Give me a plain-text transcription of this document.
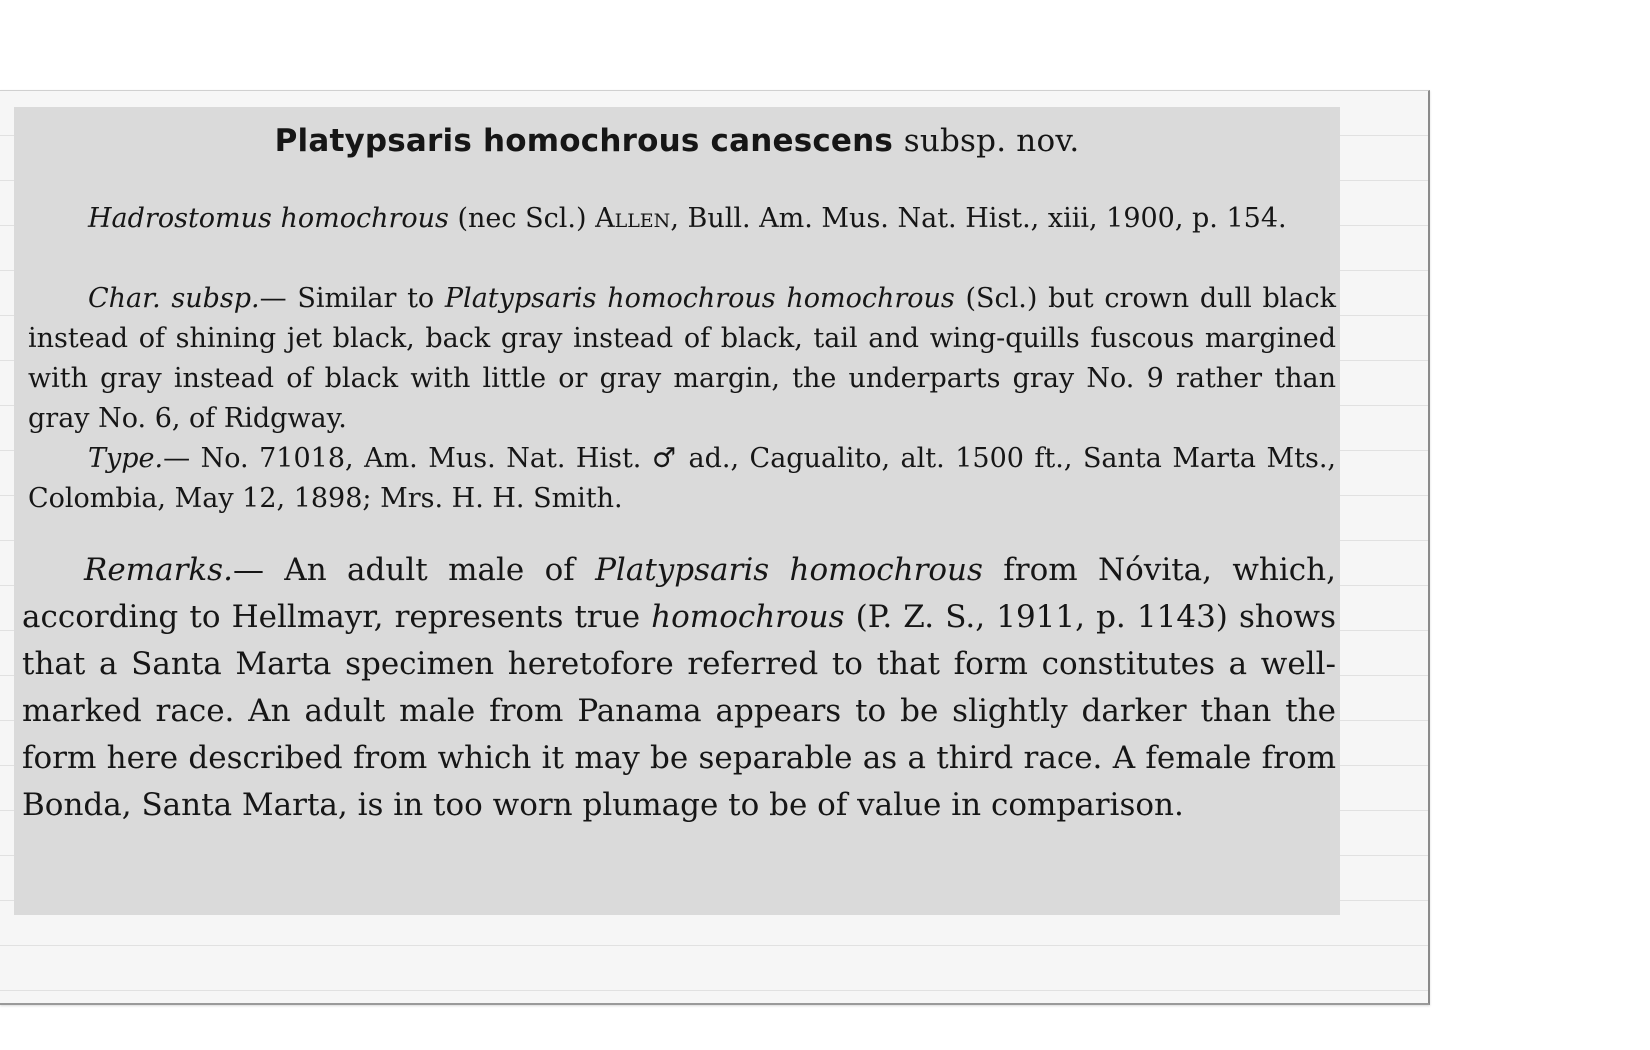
Platypsaris homochrous canescens subsp. nov.

Hadrostomus homochrous (nec Scl.) Allen, Bull. Am. Mus. Nat. Hist., xiii, 1900, p. 154.

Char. subsp.— Similar to Platypsaris homochrous homochrous (Scl.) but crown dull black instead of shining jet black, back gray instead of black, tail and wing-quills fuscous margined with gray instead of black with little or gray margin, the underparts gray No. 9 rather than gray No. 6, of Ridgway.

Type.— No. 71018, Am. Mus. Nat. Hist. ♂ ad., Cagualito, alt. 1500 ft., Santa Marta Mts., Colombia, May 12, 1898; Mrs. H. H. Smith.

Remarks.— An adult male of Platypsaris homochrous from Nóvita, which, according to Hellmayr, represents true homochrous (P. Z. S., 1911, p. 1143) shows that a Santa Marta specimen heretofore referred to that form constitutes a well-marked race. An adult male from Panama appears to be slightly darker than the form here described from which it may be separable as a third race. A female from Bonda, Santa Marta, is in too worn plumage to be of value in comparison.
